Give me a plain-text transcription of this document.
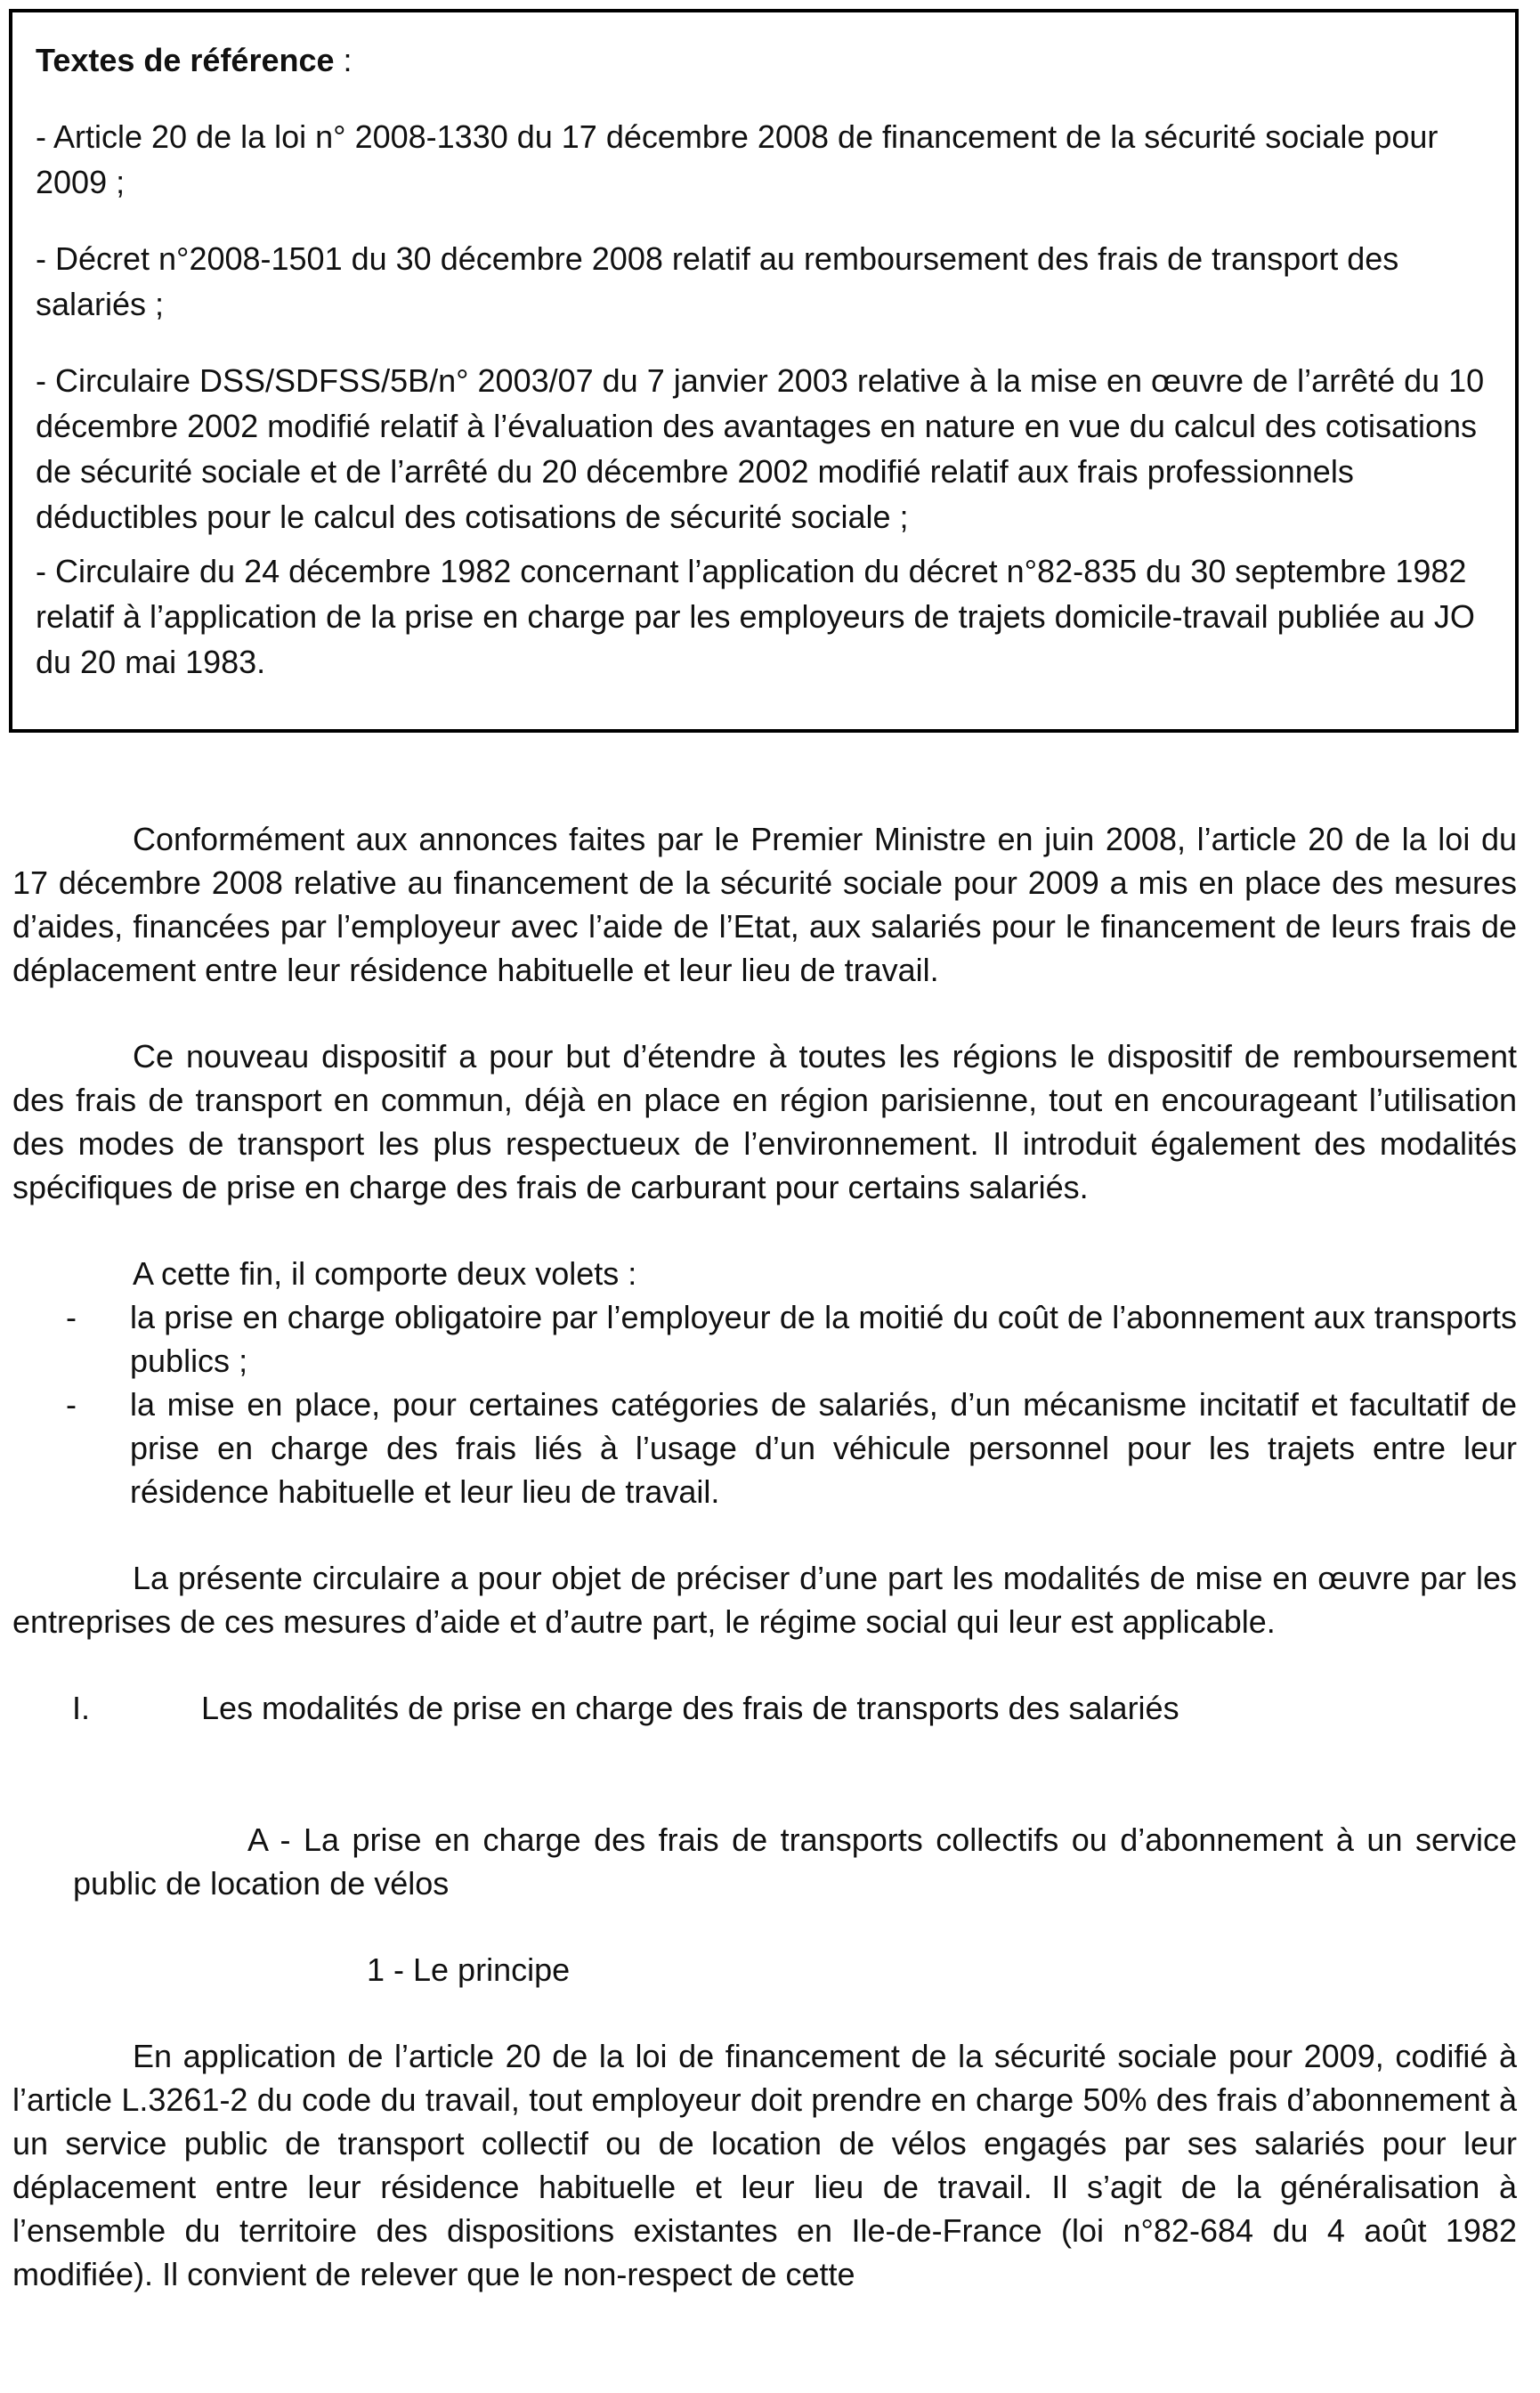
Textes de référence :
- Article 20 de la loi n° 2008-1330 du 17 décembre 2008 de financement de la sécurité sociale pour 2009 ;
- Décret n°2008-1501 du 30 décembre 2008 relatif au remboursement des frais de transport des salariés ;
- Circulaire DSS/SDFSS/5B/n° 2003/07 du 7 janvier 2003 relative à la mise en œuvre de l’arrêté du 10 décembre 2002 modifié relatif à l’évaluation des avantages en nature en vue du calcul des cotisations de sécurité sociale et de l’arrêté du 20 décembre 2002 modifié relatif aux frais professionnels déductibles pour le calcul des cotisations de sécurité sociale ;
- Circulaire du 24 décembre 1982 concernant l’application du décret n°82-835 du 30 septembre 1982 relatif à l’application de la prise en charge par les employeurs de trajets domicile-travail publiée au JO du 20 mai 1983.

Conformément aux annonces faites par le Premier Ministre en juin 2008, l’article 20 de la loi du 17 décembre 2008 relative au financement de la sécurité sociale pour 2009 a mis en place des mesures d’aides, financées par l’employeur avec l’aide de l’Etat, aux salariés pour le financement de leurs frais de déplacement entre leur résidence habituelle et leur lieu de travail.

Ce nouveau dispositif a pour but d’étendre à toutes les régions le dispositif de remboursement des frais de transport en commun, déjà en place en région parisienne, tout en encourageant l’utilisation des modes de transport les plus respectueux de l’environnement. Il introduit également des modalités spécifiques de prise en charge des frais de carburant pour certains salariés.

A cette fin, il comporte deux volets :

- la prise en charge obligatoire par l’employeur de la moitié du coût de l’abonnement aux transports publics ;
- la mise en place, pour certaines catégories de salariés, d’un mécanisme incitatif et facultatif de prise en charge des frais liés à l’usage d’un véhicule personnel pour les trajets entre leur résidence habituelle et leur lieu de travail.

La présente circulaire a pour objet de préciser d’une part les modalités de mise en œuvre par les entreprises de ces mesures d’aide et d’autre part, le régime social qui leur est applicable.

I.	Les modalités de prise en charge des frais de transports des salariés

A - La prise en charge des frais de transports collectifs ou d’abonnement à un service public de location de vélos

1 - Le principe

En application de l’article 20 de la loi de financement de la sécurité sociale pour 2009, codifié à l’article L.3261-2 du code du travail, tout employeur doit prendre en charge 50% des frais d’abonnement à un service public de transport collectif ou de location de vélos engagés par ses salariés pour leur déplacement entre leur résidence habituelle et leur lieu de travail. Il s’agit de la généralisation à l’ensemble du territoire des dispositions existantes en Ile-de-France (loi n°82-684 du 4 août 1982 modifiée). Il convient de relever que le non-respect de cette
